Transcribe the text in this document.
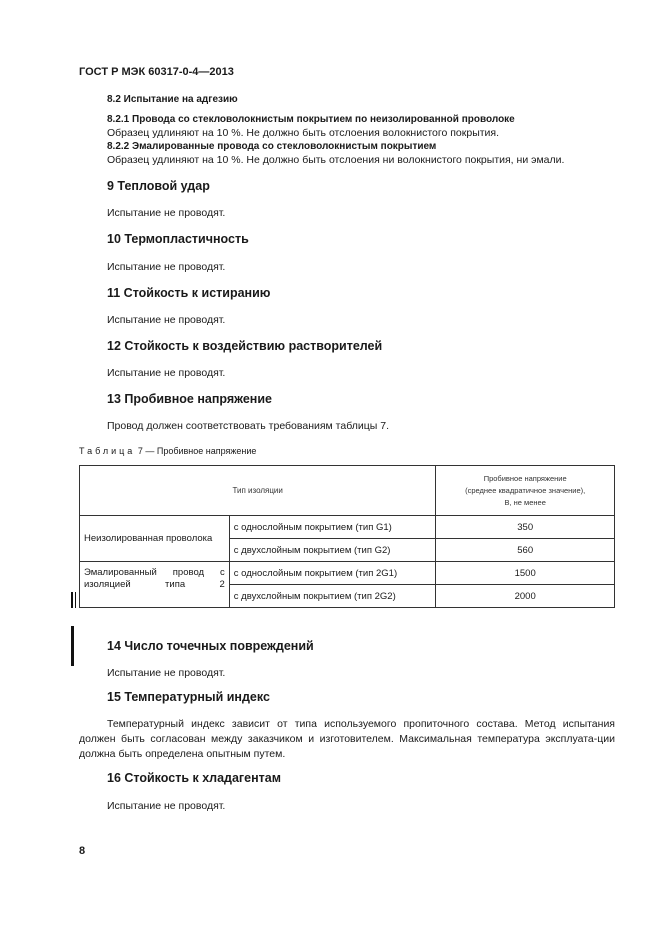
ГОСТ Р МЭК 60317-0-4—2013
8.2 Испытание на адгезию
8.2.1 Провода со стекловолокнистым покрытием по неизолированной проволоке
Образец удлиняют на 10 %. Не должно быть отслоения волокнистого покрытия.
8.2.2 Эмалированные провода со стекловолокнистым покрытием
Образец удлиняют на 10 %. Не должно быть отслоения ни волокнистого покрытия, ни эмали.
9 Тепловой удар
Испытание не проводят.
10 Термопластичность
Испытание не проводят.
11 Стойкость к истиранию
Испытание не проводят.
12 Стойкость к воздействию растворителей
Испытание не проводят.
13 Пробивное напряжение
Провод должен соответствовать требованиям таблицы 7.
Таблица 7 — Пробивное напряжение
Тип изоляции		Пробивное напряжение
(среднее квадратичное значение),
В, не менее

Неизолированная проволока	с однослойным покрытием (тип G1)	350
	с двухслойным покрытием (тип G2)	560
Эмалированный провод с изоляцией типа 2	с однослойным покрытием (тип 2G1)	1500
	с двухслойным покрытием (тип 2G2)	2000
14 Число точечных повреждений
Испытание не проводят.
15 Температурный индекс
Температурный индекс зависит от типа используемого пропиточного состава. Метод испытания должен быть согласован между заказчиком и изготовителем. Максимальная температура эксплуата-ции должна быть определена опытным путем.
16 Стойкость к хладагентам
Испытание не проводят.
8
